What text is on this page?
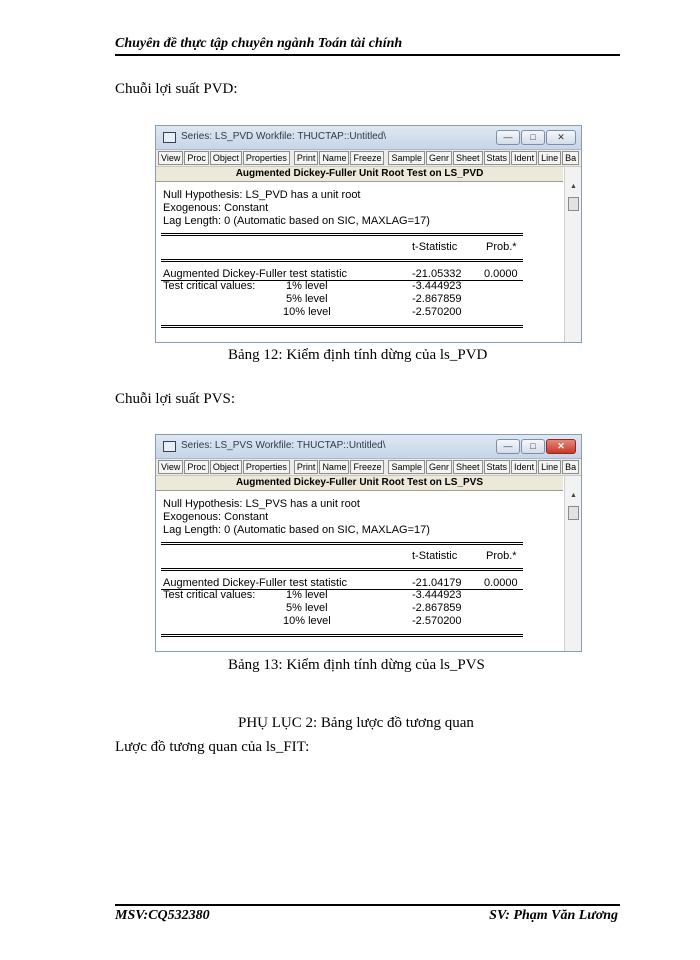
Chuyên đề thực tập chuyên ngành Toán tài chính
Chuỗi lợi suất PVD:
Series: LS_PVD Workfile: THUCTAP::Untitled\	—	□	✕
View Proc Object Properties Print Name Freeze Sample Genr Sheet Stats Ident Line Ba
Augmented Dickey-Fuller Unit Root Test on LS_PVD
▲
Null Hypothesis: LS_PVD has a unit root
Exogenous: Constant
Lag Length: 0 (Automatic based on SIC, MAXLAG=17)
t-Statistic	Prob.*
Augmented Dickey-Fuller test statistic	-21.05332 0.0000
Test critical values:	1% level	-3.444923
5% level	-2.867859
10% level	-2.570200
Bảng 12: Kiểm định tính dừng của ls_PVD
Chuỗi lợi suất PVS:
Series: LS_PVS Workfile: THUCTAP::Untitled\	—	□	✕
View Proc Object Properties Print Name Freeze Sample Genr Sheet Stats Ident Line Ba
Augmented Dickey-Fuller Unit Root Test on LS_PVS
▲
Null Hypothesis: LS_PVS has a unit root
Exogenous: Constant
Lag Length: 0 (Automatic based on SIC, MAXLAG=17)
t-Statistic	Prob.*
Augmented Dickey-Fuller test statistic	-21.04179 0.0000
Test critical values:	1% level	-3.444923
5% level	-2.867859
10% level	-2.570200
Bảng 13: Kiểm định tính dừng của ls_PVS
PHỤ LỤC 2: Bảng lược đồ tương quan
Lược đồ tương quan của ls_FIT:
MSV:CQ532380	SV: Phạm Văn Lương
